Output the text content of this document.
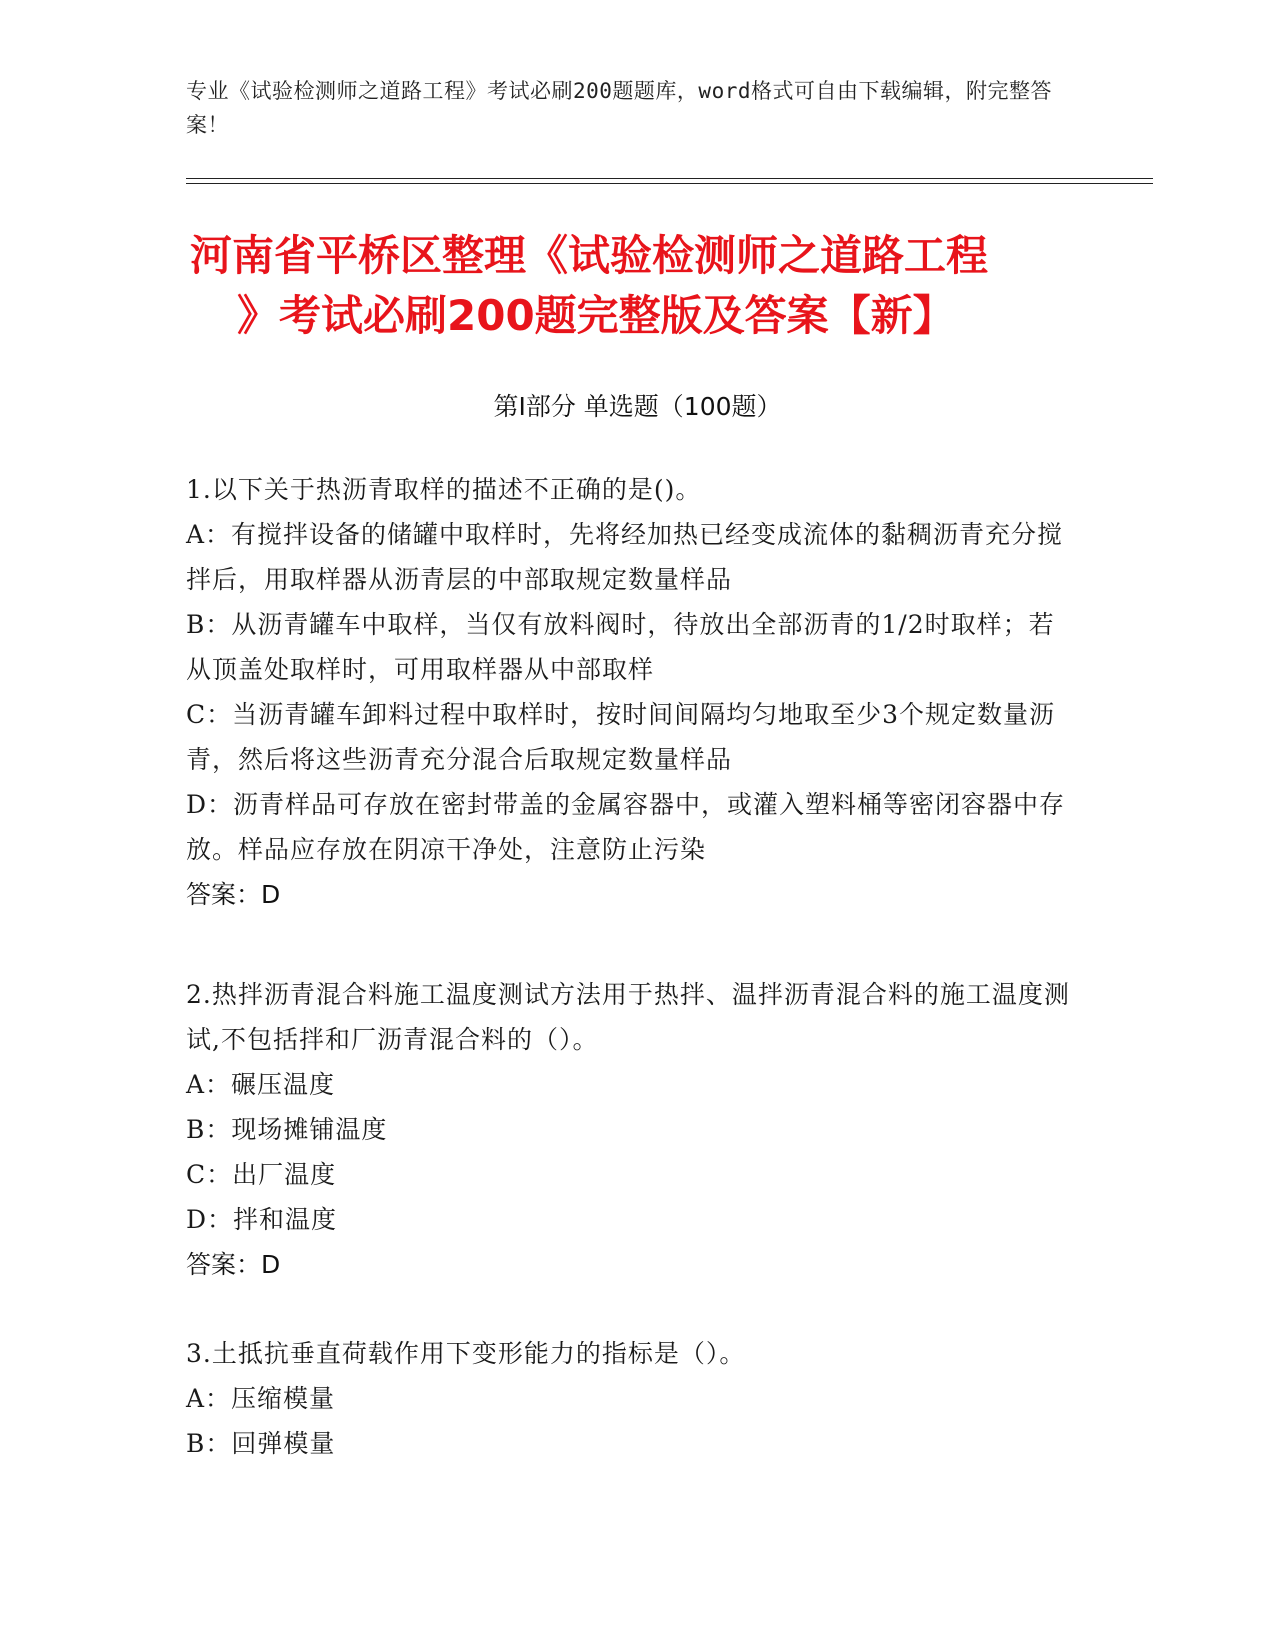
专业《试验检测师之道路工程》考试必刷200题题库，word格式可自由下载编辑，附完整答案！
河南省平桥区整理《试验检测师之道路工程
》考试必刷200题完整版及答案【新】
第Ⅰ部分 单选题（100题）

1.以下关于热沥青取样的描述不正确的是()。

A：有搅拌设备的储罐中取样时，先将经加热已经变成流体的黏稠沥青充分搅拌后，用取样器从沥青层的中部取规定数量样品

B：从沥青罐车中取样，当仅有放料阀时，待放出全部沥青的1/2时取样；若从顶盖处取样时，可用取样器从中部取样

C：当沥青罐车卸料过程中取样时，按时间间隔均匀地取至少3个规定数量沥青，然后将这些沥青充分混合后取规定数量样品

D：沥青样品可存放在密封带盖的金属容器中，或灌入塑料桶等密闭容器中存放。样品应存放在阴凉干净处，注意防止污染

答案：D

2.热拌沥青混合料施工温度测试方法用于热拌、温拌沥青混合料的施工温度测试,不包括拌和厂沥青混合料的（）。

A：碾压温度

B：现场摊铺温度

C：出厂温度

D：拌和温度

答案：D

3.土抵抗垂直荷载作用下变形能力的指标是（）。

A：压缩模量

B：回弹模量
